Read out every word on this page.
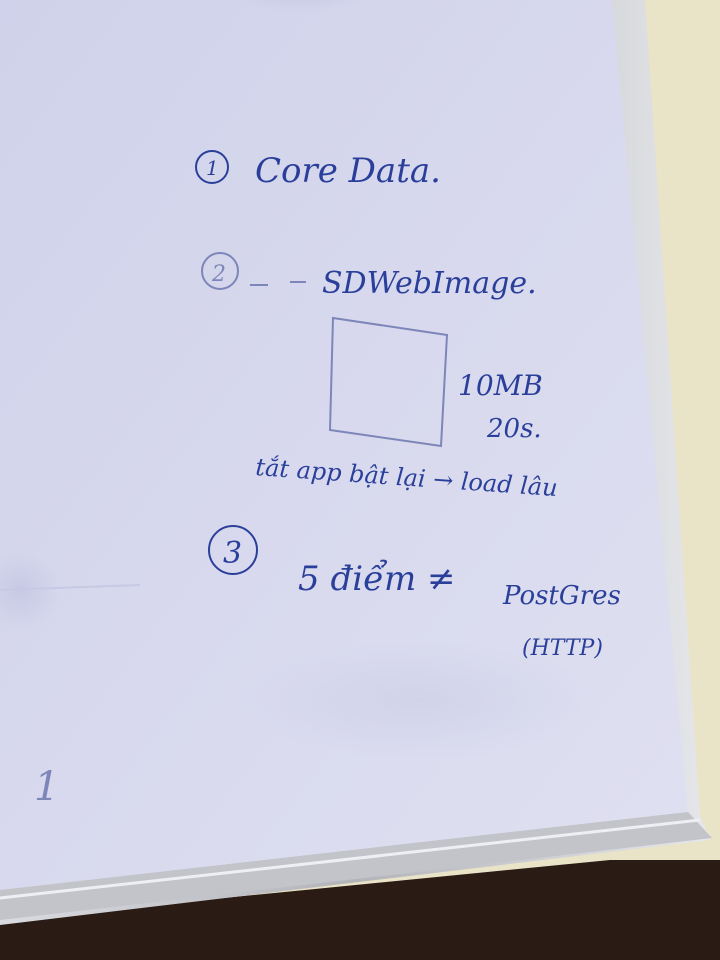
1 Core Data.
2	SDWebImage.
10MB
20s.
tắt app bật lại → load lâu
3
5 điểm ≠ PostGres
(HTTP)
1
